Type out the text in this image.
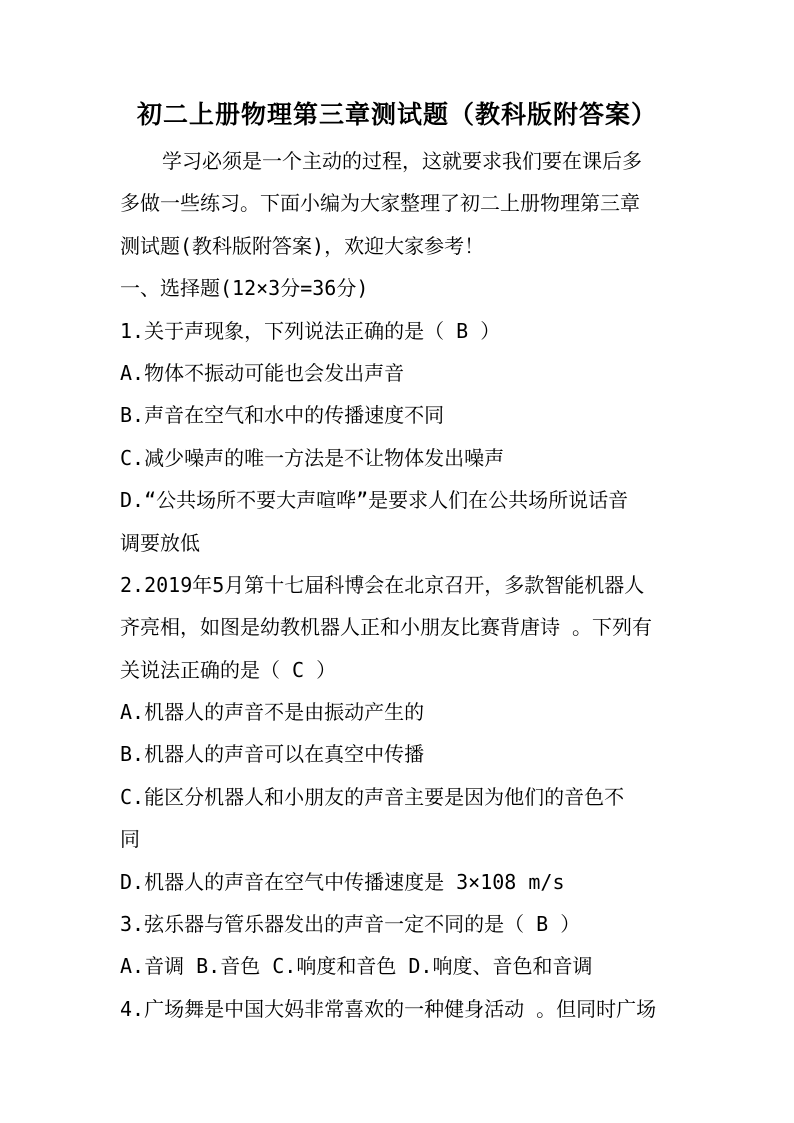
初二上册物理第三章测试题（教科版附答案）
学习必须是一个主动的过程，这就要求我们要在课后多
多做一些练习。下面小编为大家整理了初二上册物理第三章
测试题(教科版附答案)，欢迎大家参考！
一、选择题(12×3分=36分)
1.关于声现象，下列说法正确的是（ B ）
A.物体不振动可能也会发出声音
B.声音在空气和水中的传播速度不同
C.减少噪声的唯一方法是不让物体发出噪声
D.“公共场所不要大声喧哗”是要求人们在公共场所说话音
调要放低
2.2019年5月第十七届科博会在北京召开，多款智能机器人
齐亮相，如图是幼教机器人正和小朋友比赛背唐诗 。下列有
关说法正确的是（ C ）
A.机器人的声音不是由振动产生的
B.机器人的声音可以在真空中传播
C.能区分机器人和小朋友的声音主要是因为他们的音色不
同
D.机器人的声音在空气中传播速度是 3×108 m/s
3.弦乐器与管乐器发出的声音一定不同的是（ B ）
A.音调 B.音色 C.响度和音色 D.响度、音色和音调
4.广场舞是中国大妈非常喜欢的一种健身活动 。但同时广场
